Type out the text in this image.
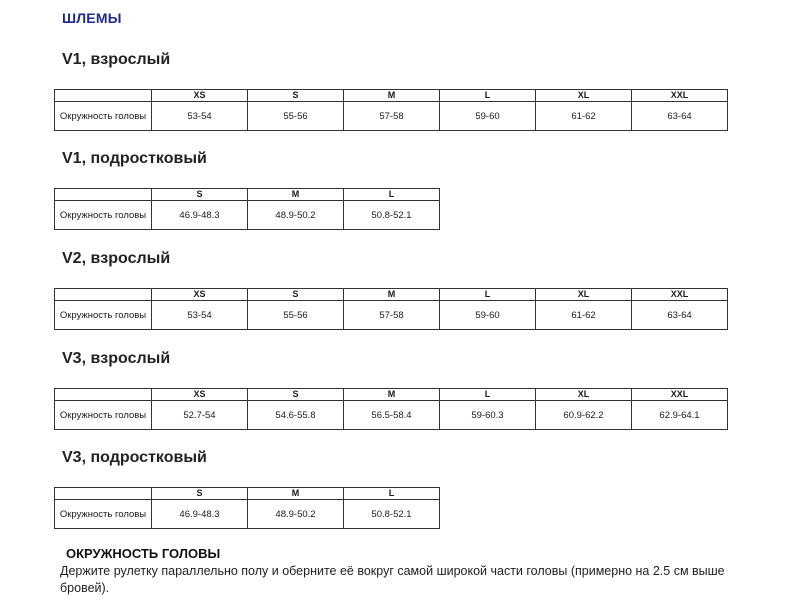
ШЛЕМЫ
V1, взрослый
	XS	S	M	L	XL	XXL
Окружность головы	53-54	55-56	57-58	59-60	61-62	63-64
V1, подростковый
	S	M	L
Окружность головы	46.9-48.3	48.9-50.2	50.8-52.1
V2, взрослый
	XS	S	M	L	XL	XXL
Окружность головы	53-54	55-56	57-58	59-60	61-62	63-64
V3, взрослый
	XS	S	M	L	XL	XXL
Окружность головы	52.7-54	54.6-55.8	56.5-58.4	59-60.3	60.9-62.2	62.9-64.1
V3, подростковый
	S	M	L
Окружность головы	46.9-48.3	48.9-50.2	50.8-52.1
ОКРУЖНОСТЬ ГОЛОВЫ
Держите рулетку параллельно полу и оберните её вокруг самой широкой части головы (примерно на 2.5 см выше бровей).
